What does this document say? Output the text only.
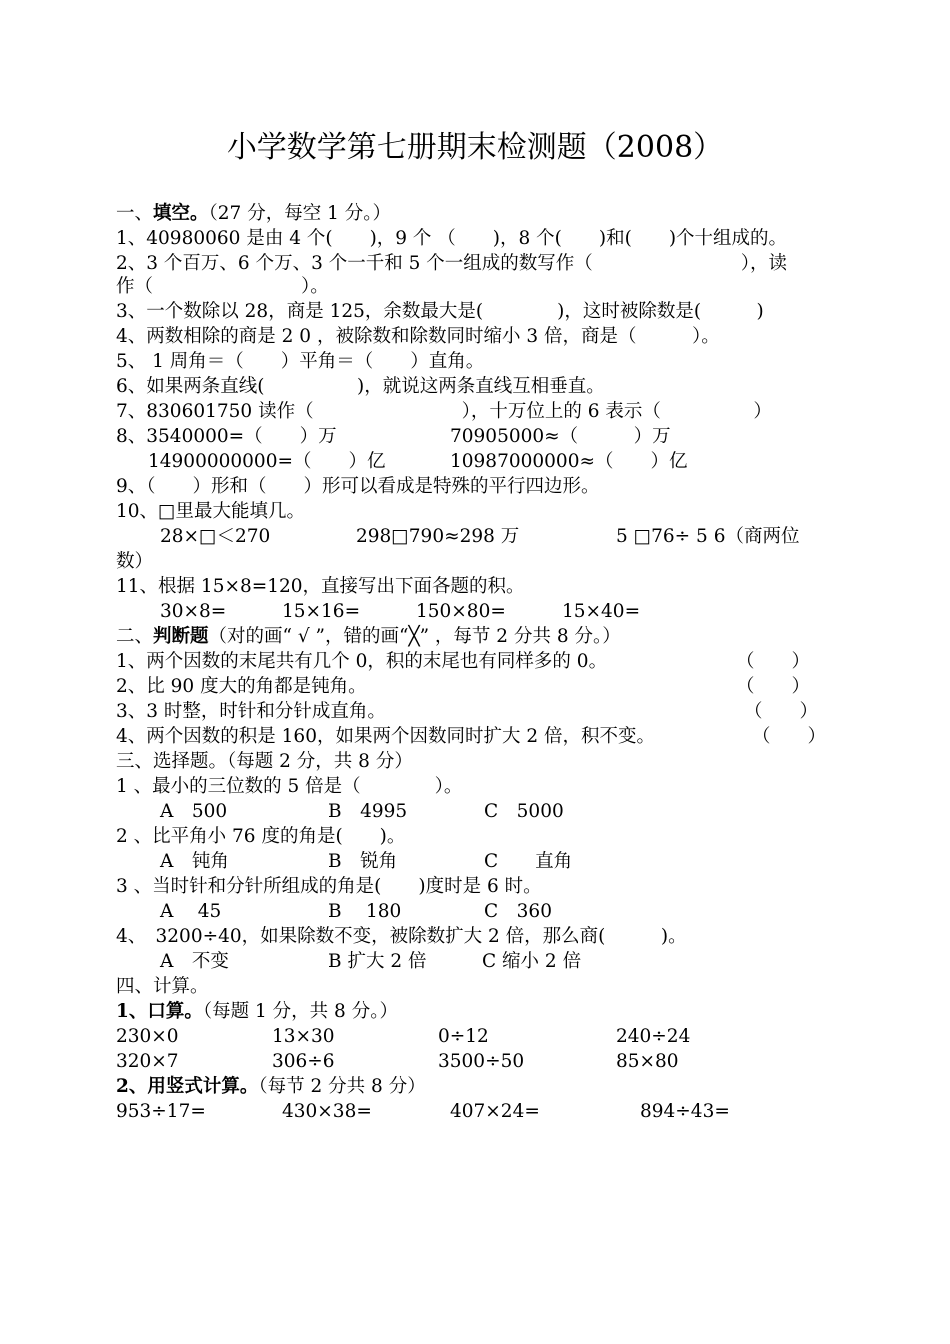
小学数学第七册期末检测题（2008）
一、填空。（27 分，每空 1 分。）
1、40980060 是由 4 个(　　)，9 个 （　　)，8 个(　　)和(　　)个十组成的。
2、3 个百万、6 个万、3 个一千和 5 个一组成的数写作（　　　　　　　　），读
作（　　　　　　　　）。
3、一个数除以 28，商是 125，余数最大是(　　　　)，这时被除数是(　　　)
4、两数相除的商是 2 0 ，被除数和除数同时缩小 3 倍，商是（　　　）。
5、 1 周角＝（　　）平角＝（　　）直角。
6、如果两条直线(　　　　　)，就说这两条直线互相垂直。
7、830601750 读作（　　　　　　　　），十万位上的 6 表示（　　　　　）
8、3540000=（　　）万	70905000≈（　　　）万
14900000000=（　　）亿	10987000000≈（　　）亿
9、（　　）形和（　　）形可以看成是特殊的平行四边形。
10、□里最大能填几。
28×□＜270	298□790≈298 万	5 □76÷ 5 6（商两位
数）
11、根据 15×8=120，直接写出下面各题的积。
30×8=	15×16=	150×80=	15×40=
二、判断题（对的画“ √ ”，错的画“╳” ，每节 2 分共 8 分。）
1、两个因数的末尾共有几个 0，积的末尾也有同样多的 0。	（　　）
2、比 90 度大的角都是钝角。	（　　）
3、3 时整，时针和分针成直角。	（　　）
4、两个因数的积是 160，如果两个因数同时扩大 2 倍，积不变。	（　　）
三、选择题。（每题 2 分，共 8 分）
1 、最小的三位数的 5 倍是（　　　　）。
A　500	B　4995	C　5000
2 、比平角小 76 度的角是(　　)。
A　钝角	B　锐角	C　　直角
3 、当时针和分针所组成的角是(　　)度时是 6 时。
A　 45	B　 180	C　360
4、　3200÷40，如果除数不变，被除数扩大 2 倍，那么商(　　　)。
A　不变	B 扩大 2 倍	C 缩小 2 倍
四、计算。
1、口算。（每题 1 分，共 8 分。）
230×0	13×30	0÷12	240÷24
320×7	306÷6	3500÷50	85×80
2、用竖式计算。（每节 2 分共 8 分）
953÷17=	430×38=	407×24=	894÷43=
